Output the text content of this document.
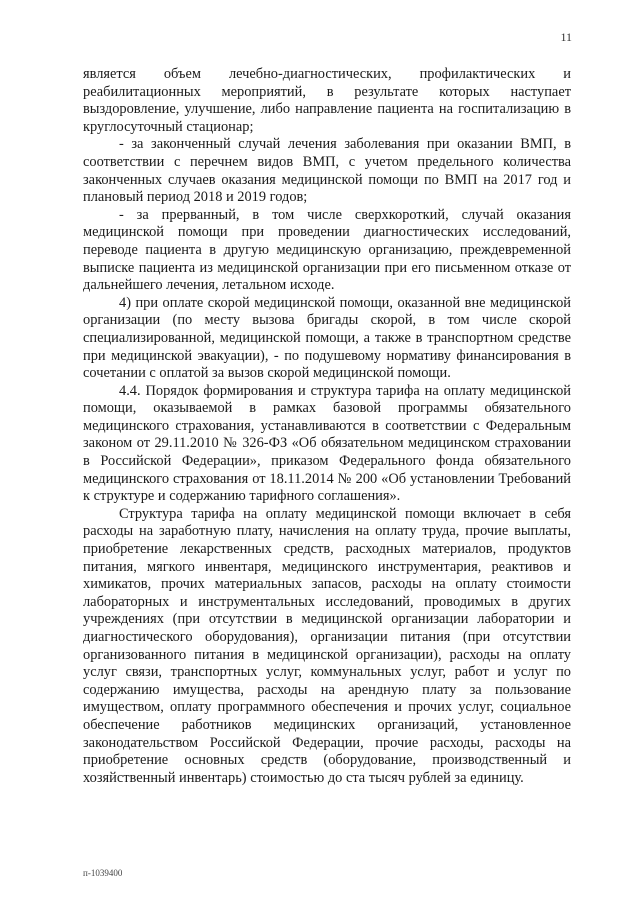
11

является объем лечебно-диагностических, профилактических и реабилитационных мероприятий, в результате которых наступает выздоровление, улучшение, либо направление пациента на госпитализацию в круглосуточный стационар;

- за законченный случай лечения заболевания при оказании ВМП, в соответствии с перечнем видов ВМП, с учетом предельного количества законченных случаев оказания медицинской помощи по ВМП на 2017 год и плановый период 2018 и 2019 годов;

- за прерванный, в том числе сверхкороткий, случай оказания медицинской помощи при проведении диагностических исследований, переводе пациента в другую медицинскую организацию, преждевременной выписке пациента из медицинской организации при его письменном отказе от дальнейшего лечения, летальном исходе.

4) при оплате скорой медицинской помощи, оказанной вне медицинской организации (по месту вызова бригады скорой, в том числе скорой специализированной, медицинской помощи, а также в транспортном средстве при медицинской эвакуации), - по подушевому нормативу финансирования в сочетании с оплатой за вызов скорой медицинской помощи.

4.4. Порядок формирования и структура тарифа на оплату медицинской помощи, оказываемой в рамках базовой программы обязательного медицинского страхования, устанавливаются в соответствии с Федеральным законом от 29.11.2010 № 326-ФЗ «Об обязательном медицинском страховании в Российской Федерации», приказом Федерального фонда обязательного медицинского страхования от 18.11.2014 № 200 «Об установлении Требований к структуре и содержанию тарифного соглашения».

Структура тарифа на оплату медицинской помощи включает в себя расходы на заработную плату, начисления на оплату труда, прочие выплаты, приобретение лекарственных средств, расходных материалов, продуктов питания, мягкого инвентаря, медицинского инструментария, реактивов и химикатов, прочих материальных запасов, расходы на оплату стоимости лабораторных и инструментальных исследований, проводимых в других учреждениях (при отсутствии в медицинской организации лаборатории и диагностического оборудования), организации питания (при отсутствии организованного питания в медицинской организации), расходы на оплату услуг связи, транспортных услуг, коммунальных услуг, работ и услуг по содержанию имущества, расходы на арендную плату за пользование имуществом, оплату программного обеспечения и прочих услуг, социальное обеспечение работников медицинских организаций, установленное законодательством Российской Федерации, прочие расходы, расходы на приобретение основных средств (оборудование, производственный и хозяйственный инвентарь) стоимостью до ста тысяч рублей за единицу.

п-1039400
